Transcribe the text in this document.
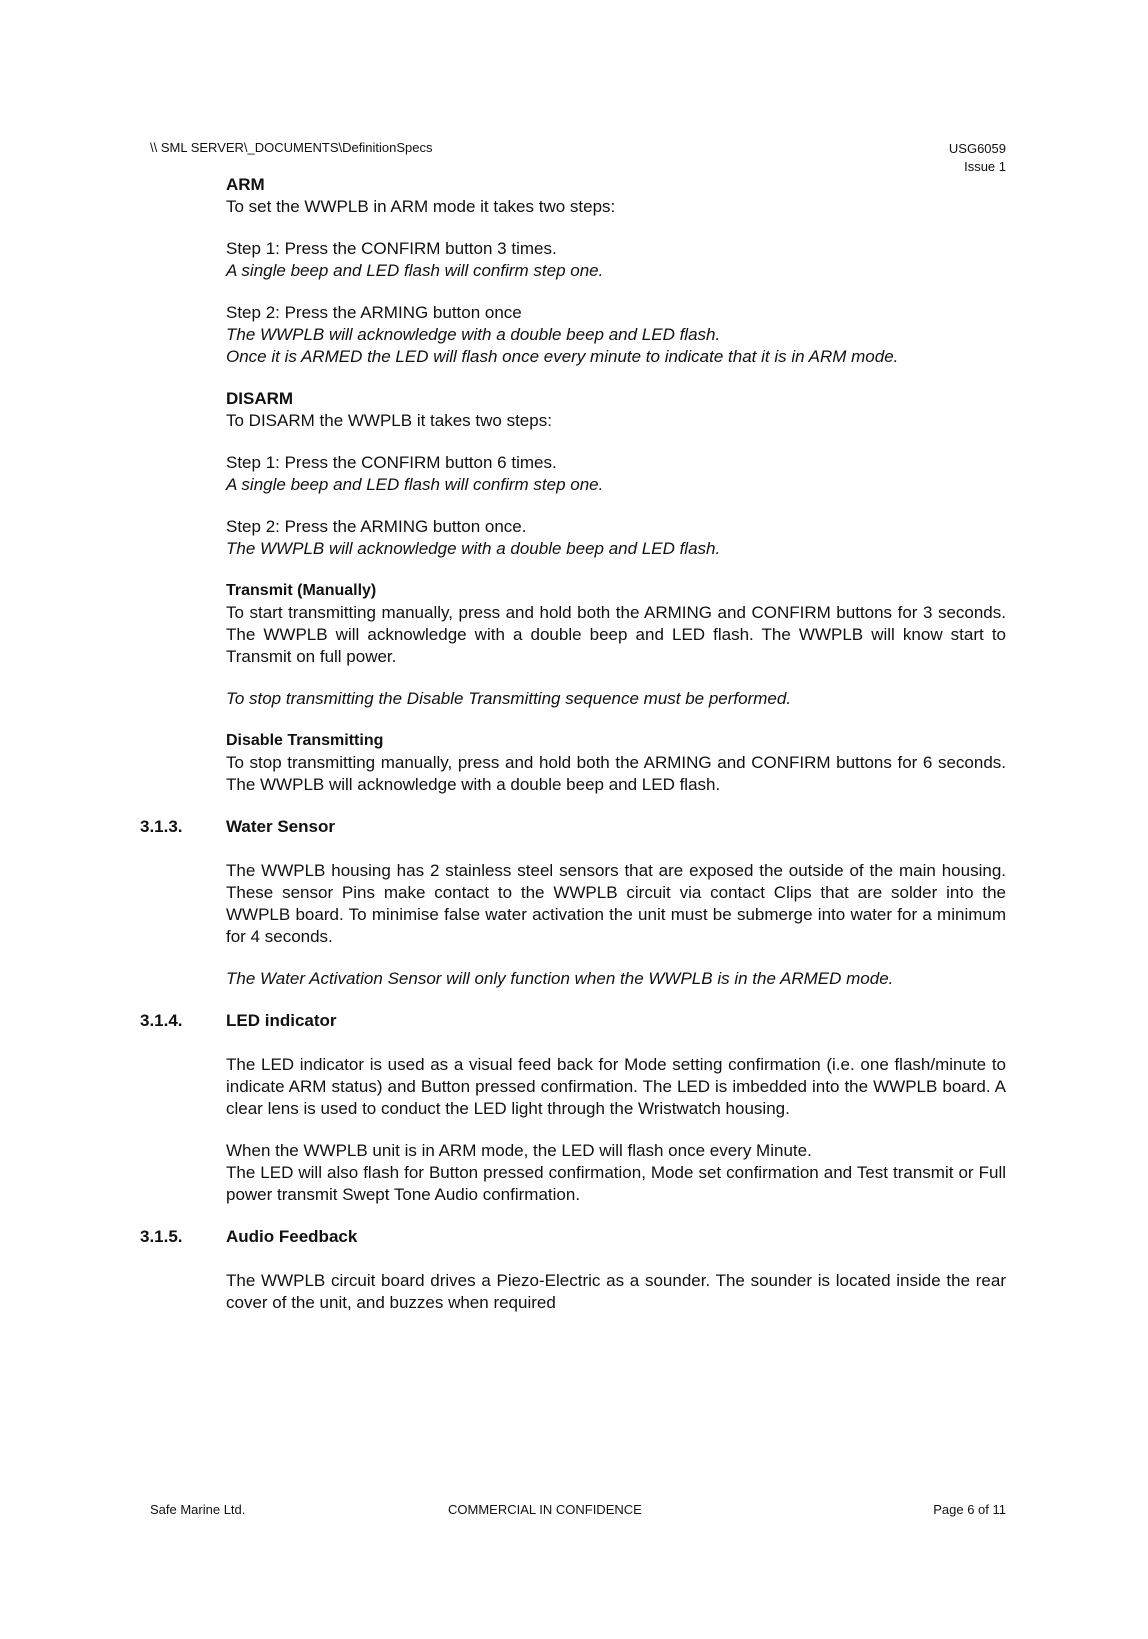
\\ SML SERVER\_DOCUMENTS\DefinitionSpecs	USG6059
Issue 1
ARM

To set the WWPLB in ARM mode it takes two steps:

Step 1: Press the CONFIRM button 3 times.

A single beep and LED flash will confirm step one.

Step 2: Press the ARMING button once

The WWPLB will acknowledge with a double beep and LED flash.

Once it is ARMED the LED will flash once every minute to indicate that it is in ARM mode.

DISARM

To DISARM the WWPLB it takes two steps:

Step 1: Press the CONFIRM button 6 times.

A single beep and LED flash will confirm step one.

Step 2: Press the ARMING button once.

The WWPLB will acknowledge with a double beep and LED flash.

Transmit (Manually)

To start transmitting manually, press and hold both the ARMING and CONFIRM buttons for 3 seconds. The WWPLB will acknowledge with a double beep and LED flash. The WWPLB will know start to Transmit on full power.

To stop transmitting the Disable Transmitting sequence must be performed.

Disable Transmitting

To stop transmitting manually, press and hold both the ARMING and CONFIRM buttons for 6 seconds. The WWPLB will acknowledge with a double beep and LED flash.

3.1.3.	Water Sensor

The WWPLB housing has 2 stainless steel sensors that are exposed the outside of the main housing. These sensor Pins make contact to the WWPLB circuit via contact Clips that are solder into the WWPLB board. To minimise false water activation the unit must be submerge into water for a minimum for 4 seconds.

The Water Activation Sensor will only function when the WWPLB is in the ARMED mode.

3.1.4.	LED indicator

The LED indicator is used as a visual feed back for Mode setting confirmation (i.e. one flash/minute to indicate ARM status) and Button pressed confirmation. The LED is imbedded into the WWPLB board. A clear lens is used to conduct the LED light through the Wristwatch housing.

When the WWPLB unit is in ARM mode, the LED will flash once every Minute.

The LED will also flash for Button pressed confirmation, Mode set confirmation and Test transmit or Full power transmit Swept Tone Audio confirmation.

3.1.5.	Audio Feedback

The WWPLB circuit board drives a Piezo-Electric as a sounder. The sounder is located inside the rear cover of the unit, and buzzes when required

Safe Marine Ltd.	COMMERCIAL IN CONFIDENCE	Page 6 of 11
